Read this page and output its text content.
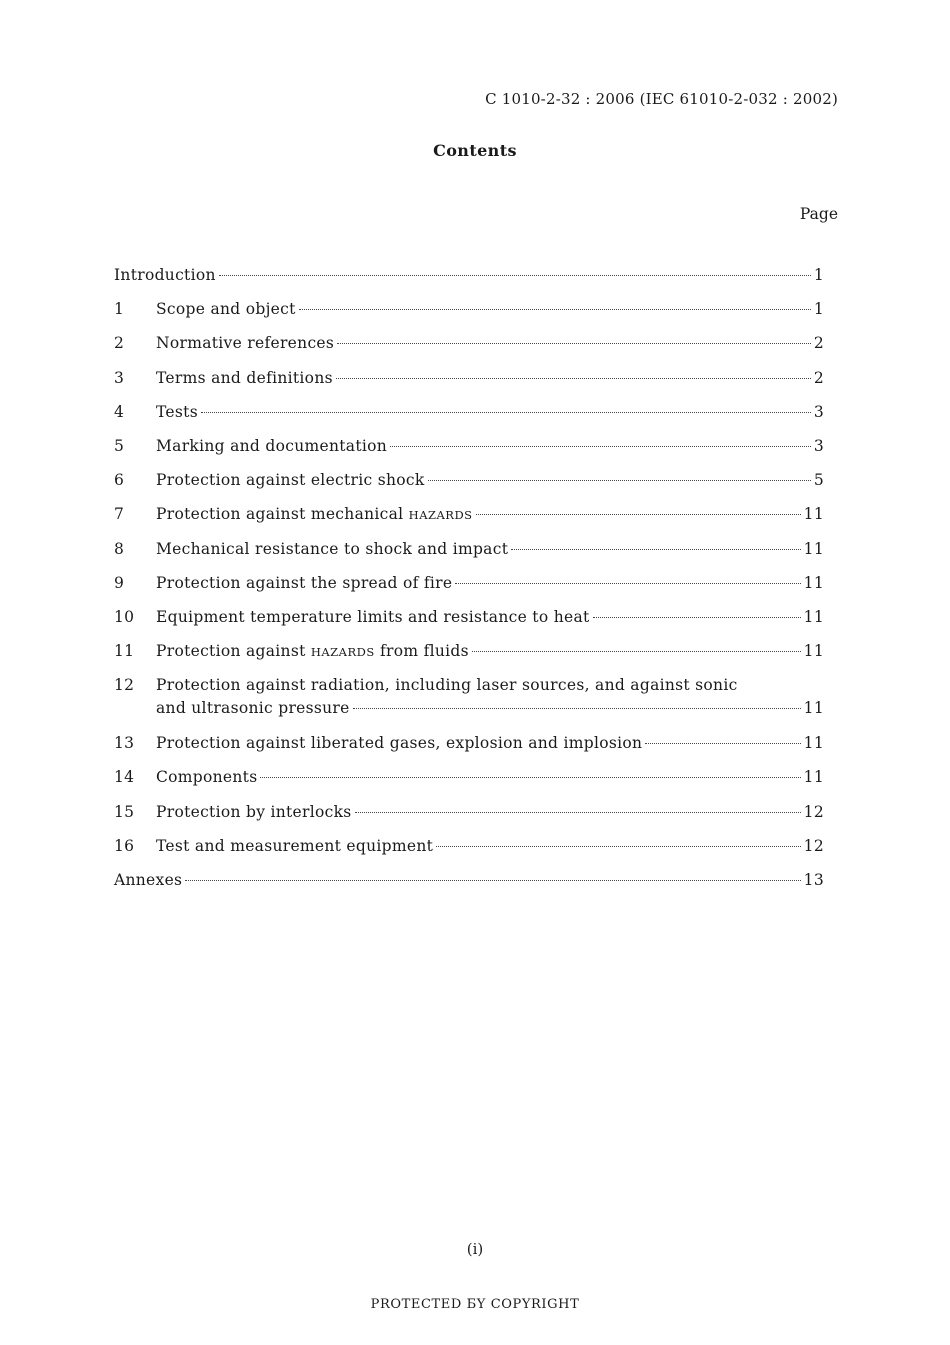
C 1010-2-32 : 2006 (IEC 61010-2-032 : 2002)
Contents
Page
Introduction	1
1	Scope and object	1
2	Normative references	2
3	Terms and definitions	2
4	Tests	3
5	Marking and documentation	3
6	Protection against electric shock	5
7	Protection against mechanical HAZARDS	11
8	Mechanical resistance to shock and impact	11
9	Protection against the spread of fire	11
10	Equipment temperature limits and resistance to heat	11
11	Protection against HAZARDS from fluids	11
12	Protection against radiation, including laser sources, and against sonic
and ultrasonic pressure	11
13	Protection against liberated gases, explosion and implosion	11
14	Components	11
15	Protection by interlocks	12
16	Test and measurement equipment	12
Annexes	13
(i)
PROTECTED БY COPYRIGHT
